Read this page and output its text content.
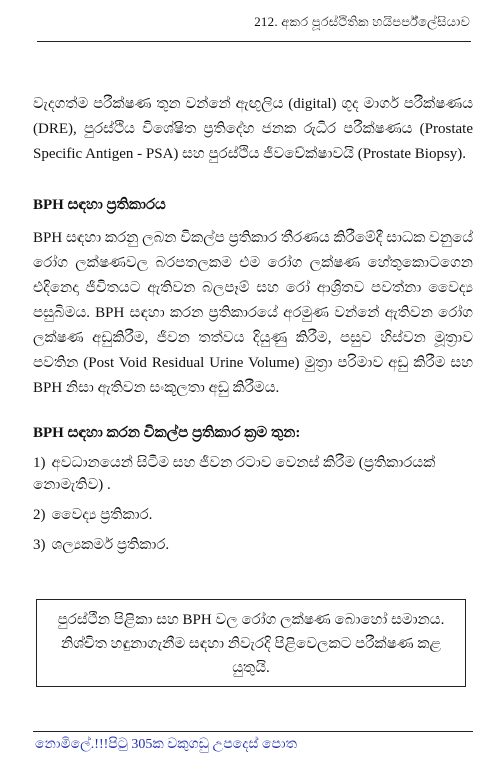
212. අකර පූරස්ථිතික හයිපර්ප්ලේසියාව

වැදගත්ම පරීක්ෂණ තුන වන්නේ ඇඟුලිය (digital) ගුද මාර්ග පරීක්ෂණය (DRE), පුරස්ථිය විශේෂිත ප්‍රතිදේහ ජනක රුධිර පරීක්ෂණය (Prostate Specific Antigen - PSA) සහ පුරස්ථිය ජීවවේක්ෂාවයි (Prostate Biopsy).

BPH සඳහා ප්‍රතිකාරය

BPH සඳහා කරනු ලබන විකල්ප ප්‍රතිකාර තීරණය කිරීමේදී සාධක වනුයේ රෝග ලක්ෂණවල බරපතලකම එම රෝග ලක්ෂණ හේතුකොටගෙන එදිනෙදා ජීවිතයට ඇතිවන බලපෑම් සහ රෝ ආශ්‍රිතව පවත්නා වෛද්‍ය පසුබිමය. BPH සඳහා කරන ප්‍රතිකාරයේ අරමුණ වන්නේ ඇතිවන රෝග ලක්ෂණ අඩුකිරීම, ජීවන තත්වය දියුණු කිරීම, පසුව හිස්වන මූත්‍රාව පවතින (Post Void Residual Urine Volume) මුත්‍රා පරිමාව අඩු කිරීම සහ BPH නිසා ඇතිවන සංකූලතා අඩු කිරීමය.

BPH සඳහා කරන විකල්ප ප්‍රතිකාර ක්‍රම තුන:
1) අවධානයෙන් සිටීම සහ ජීවන රටාව වෙනස් කිරීම (ප්‍රතිකාරයක් නොමැතිව) .
2) වෛද්‍ය ප්‍රතිකාර.
3) ශල්‍යකර්ම ප්‍රතිකාර.
පුරස්ථීන පිළිකා සහ BPH වල රෝග ලක්ෂණ බොහෝ සමානය. නිශ්චිත හඳුනාගැනීම සඳහා නිවැරදි පිළිවෙලකට පරීක්ෂණ කළ යුතුයි.
නොමිලේ.!!!පිටු 305ක වකුගඩු උපදෙස් පොත
